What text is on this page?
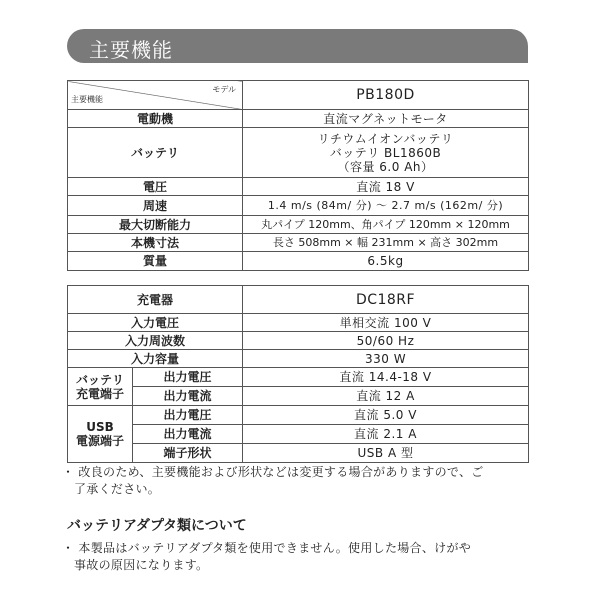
主要機能
モデル
主要機能	PB180D
電動機	直流マグネットモータ
バッテリ	リチウムイオンバッテリ
バッテリ BL1860B
（容量 6.0 Ah）

電圧	直流 18 V
周速	1.4 m/s (84m/ 分) ～ 2.7 m/s (162m/ 分)
最大切断能力	丸パイプ 120mm、角パイプ 120mm × 120mm
本機寸法	長さ 508mm × 幅 231mm × 高さ 302mm
質量	6.5kg
充電器		DC18RF
入力電圧		単相交流 100 V
入力周波数		50/60 Hz
入力容量		330 W

バッテリ
充電端子	出力電圧	直流 14.4-18 V
	出力電流	直流 12 A

USB
電源端子	出力電圧	直流 5.0 V
	出力電流	直流 2.1 A
	端子形状	USB A 型
・ 改良のため、主要機能および形状などは変更する場合がありますので、ご
了承ください。
バッテリアダプタ類について
・ 本製品はバッテリアダプタ類を使用できません。使用した場合、けがや
事故の原因になります。
